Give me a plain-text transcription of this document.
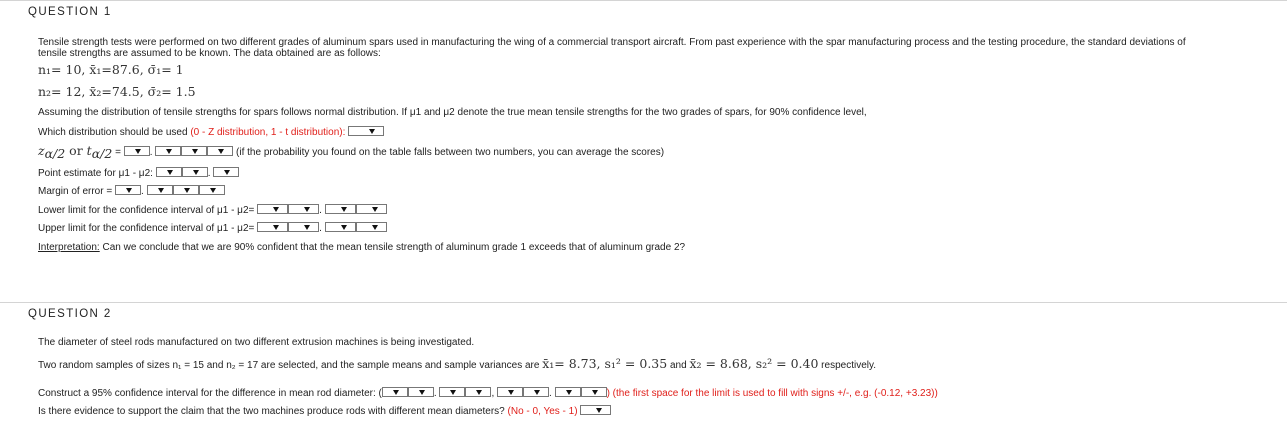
QUESTION 1
Tensile strength tests were performed on two different grades of aluminum spars used in manufacturing the wing of a commercial transport aircraft. From past experience with the spar manufacturing process and the testing procedure, the standard deviations of
tensile strengths are assumed to be known. The data obtained are as follows:
n₁= 10, x̄₁=87.6, σ̄₁= 1
n₂= 12, x̄₂=74.5, σ̄₂= 1.5
Assuming the distribution of tensile strengths for spars follows normal distribution. If μ1 and μ2 denote the true mean tensile strengths for the two grades of spars, for 90% confidence level,
Which distribution should be used (0 - Z distribution, 1 - t distribution):
$z_{\alpha/2}$ or $t_{\alpha/2}$ =	.	(if the probability you found on the table falls between two numbers, you can average the scores)
Point estimate for μ1 - μ2:	.
Margin of error =	.
Lower limit for the confidence interval of μ1 - μ2=	.
Upper limit for the confidence interval of μ1 - μ2=	.
Interpretation: Can we conclude that we are 90% confident that the mean tensile strength of aluminum grade 1 exceeds that of aluminum grade 2?
QUESTION 2
The diameter of steel rods manufactured on two different extrusion machines is being investigated.
Two random samples of sizes n₁ = 15 and n₂ = 17 are selected, and the sample means and sample variances are x̄₁= 8.73, s₁² = 0.35 and x̄₂ = 8.68, s₂² = 0.40 respectively.
Construct a 95% confidence interval for the difference in mean rod diameter: (	.	,	.	) (the first space for the limit is used to fill with signs +/-, e.g. (-0.12, +3.23))
Is there evidence to support the claim that the two machines produce rods with different mean diameters? (No - 0, Yes - 1)
